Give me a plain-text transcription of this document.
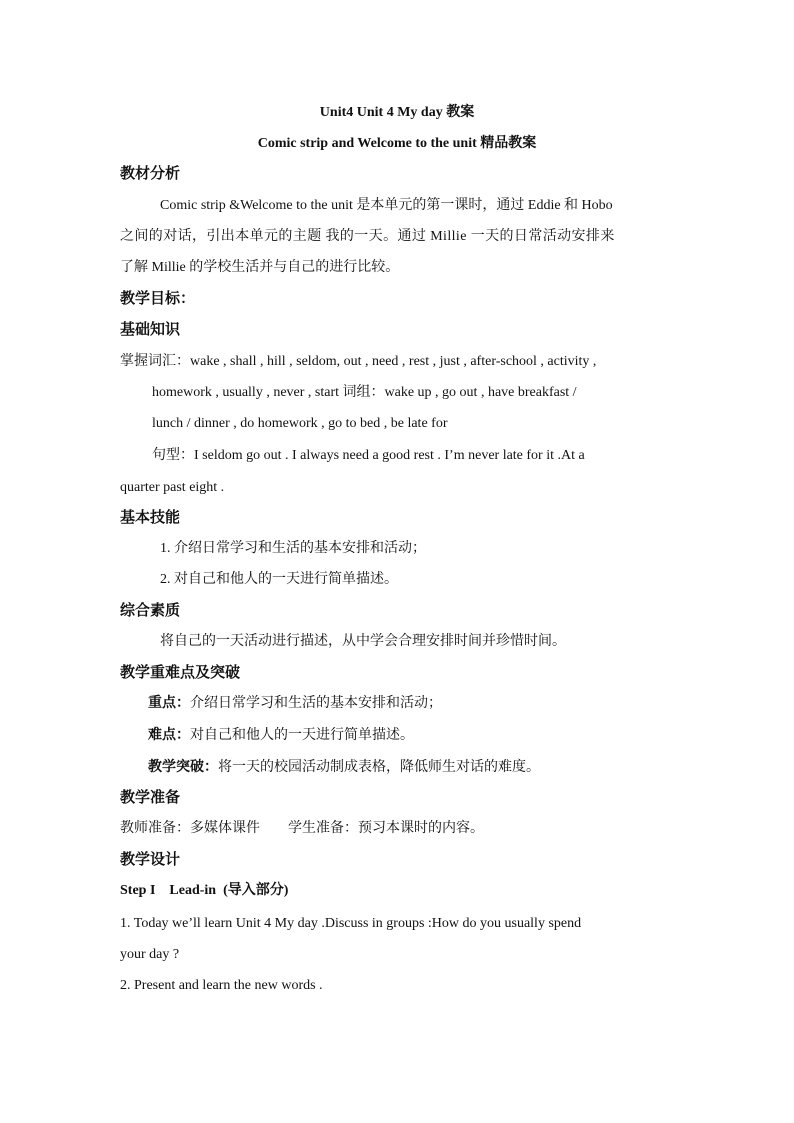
Unit4 Unit 4 My day 教案
Comic strip and Welcome to the unit 精品教案
教材分析
Comic strip &Welcome to the unit 是本单元的第一课时，通过 Eddie 和 Hobo
之间的对话，引出本单元的主题 我的一天。通过 Millie 一天的日常活动安排来
了解 Millie 的学校生活并与自己的进行比较。
教学目标：
基础知识
掌握词汇：wake , shall , hill , seldom, out , need , rest , just , after-school , activity ,
homework , usually , never , start 词组：wake up , go out , have breakfast /
lunch / dinner , do homework , go to bed , be late for
句型：I seldom go out . I always need a good rest . I’m never late for it .At a
quarter past eight .
基本技能
1. 介绍日常学习和生活的基本安排和活动；
2. 对自己和他人的一天进行简单描述。
综合素质
将自己的一天活动进行描述，从中学会合理安排时间并珍惜时间。
教学重难点及突破
重点：介绍日常学习和生活的基本安排和活动；
难点：对自己和他人的一天进行简单描述。
教学突破：将一天的校园活动制成表格，降低师生对话的难度。
教学准备
教师准备：多媒体课件        学生准备：预习本课时的内容。
教学设计
Step I    Lead-in  (导入部分)
1. Today we’ll learn Unit 4 My day .Discuss in groups :How do you usually spend
your day ?
2. Present and learn the new words .
